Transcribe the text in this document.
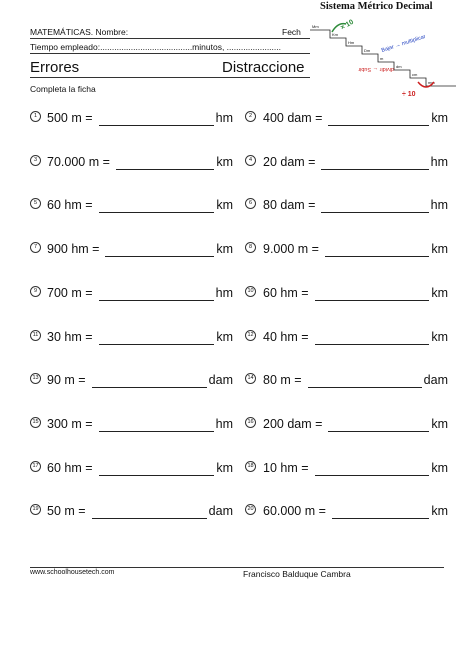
MATEMÁTICAS. Nombre:	Fech
Tiempo empleado:.......................................minutos, .......................
Errores	Distraccione
Completa la ficha
Sistema Métrico Decimal
Mm
Km
Hm
Dm
m
dm
cm
mm
× 10
Bajar → multiplicar
dividir ← Subir
÷ 10
1 500 m =	hm	2 400 dam =	km
3 70.000 m =	km	4 20 dam =	hm
5 60 hm =	km	6 80 dam =	hm
7 900 hm =	km	8 9.000 m =	km
9 700 m =	hm	10 60 hm =	km
11 30 hm =	km	12 40 hm =	km
13 90 m =	dam	14 80 m =	dam
15 300 m =	hm	16 200 dam =	km
17 60 hm =	km	18 10 hm =	km
19 50 m =	dam	20 60.000 m =	km
www.schoolhousetech.com	Francisco Balduque Cambra
